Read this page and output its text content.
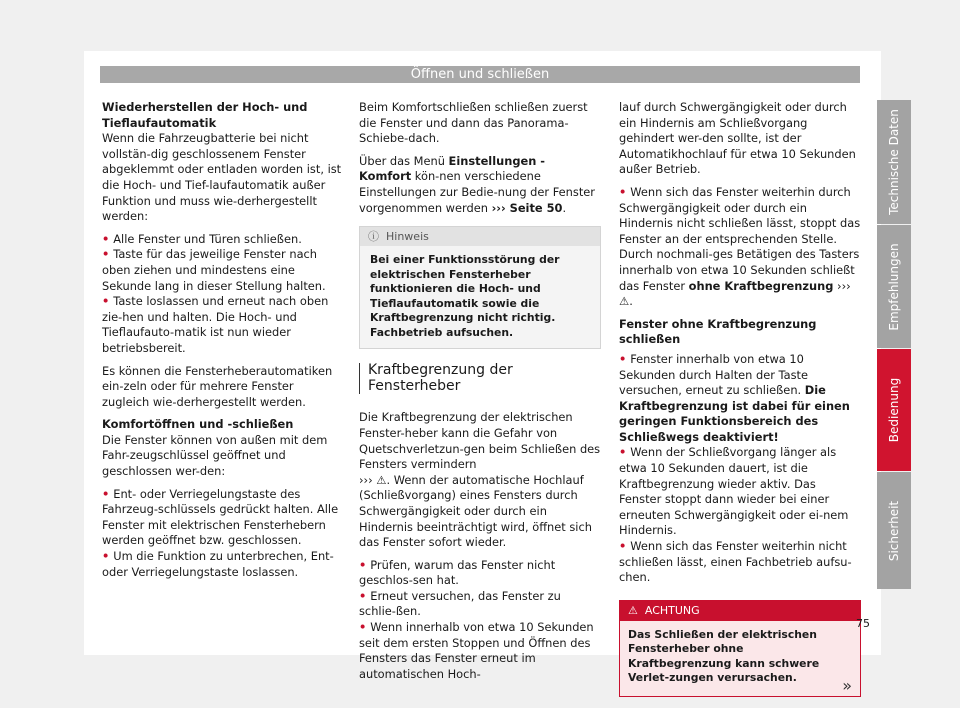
Öffnen und schließen

Wiederherstellen der Hoch- und Tieflaufautomatik

Wenn die Fahrzeugbatterie bei nicht vollstän-dig geschlossenem Fenster abgeklemmt oder entladen worden ist, ist die Hoch- und Tief-laufautomatik außer Funktion und muss wie-derhergestellt werden:

• Alle Fenster und Türen schließen.

• Taste für das jeweilige Fenster nach oben ziehen und mindestens eine Sekunde lang in dieser Stellung halten.

• Taste loslassen und erneut nach oben zie-hen und halten. Die Hoch- und Tieflaufauto-matik ist nun wieder betriebsbereit.

Es können die Fensterheberautomatiken ein-zeln oder für mehrere Fenster zugleich wie-derhergestellt werden.

Komfortöffnen und -schließen

Die Fenster können von außen mit dem Fahr-zeugschlüssel geöffnet und geschlossen wer-den:

• Ent- oder Verriegelungstaste des Fahrzeug-schlüssels gedrückt halten. Alle Fenster mit elektrischen Fensterhebern werden geöffnet bzw. geschlossen.

• Um die Funktion zu unterbrechen, Ent- oder Verriegelungstaste loslassen.

Beim Komfortschließen schließen zuerst die Fenster und dann das Panorama-Schiebe-dach.

Über das Menü Einstellungen - Komfort kön-nen verschiedene Einstellungen zur Bedie-nung der Fenster vorgenommen werden ››› Seite 50.

ⓘ Hinweis
Bei einer Funktionsstörung der elektrischen Fensterheber funktionieren die Hoch- und Tieflaufautomatik sowie die Kraftbegrenzung nicht richtig. Fachbetrieb aufsuchen.
Kraftbegrenzung der Fensterheber

Die Kraftbegrenzung der elektrischen Fenster-heber kann die Gefahr von Quetschverletzun-gen beim Schließen des Fensters vermindern

››› ⚠. Wenn der automatische Hochlauf (Schließvorgang) eines Fensters durch Schwergängigkeit oder durch ein Hindernis beeinträchtigt wird, öffnet sich das Fenster sofort wieder.

• Prüfen, warum das Fenster nicht geschlos-sen hat.

• Erneut versuchen, das Fenster zu schlie-ßen.

• Wenn innerhalb von etwa 10 Sekunden seit dem ersten Stoppen und Öffnen des Fensters das Fenster erneut im automatischen Hoch-

lauf durch Schwergängigkeit oder durch ein Hindernis am Schließvorgang gehindert wer-den sollte, ist der Automatikhochlauf für etwa 10 Sekunden außer Betrieb.

• Wenn sich das Fenster weiterhin durch Schwergängigkeit oder durch ein Hindernis nicht schließen lässt, stoppt das Fenster an der entsprechenden Stelle. Durch nochmali-ges Betätigen des Tasters innerhalb von etwa 10 Sekunden schließt das Fenster ohne Kraftbegrenzung ››› ⚠.

Fenster ohne Kraftbegrenzung schließen

• Fenster innerhalb von etwa 10 Sekunden durch Halten der Taste versuchen, erneut zu schließen. Die Kraftbegrenzung ist dabei für einen geringen Funktionsbereich des Schließwegs deaktiviert!

• Wenn der Schließvorgang länger als etwa 10 Sekunden dauert, ist die Kraftbegrenzung wieder aktiv. Das Fenster stoppt dann wieder bei einer erneuten Schwergängigkeit oder ei-nem Hindernis.

• Wenn sich das Fenster weiterhin nicht schließen lässt, einen Fachbetrieb aufsu-chen.

⚠ ACHTUNG
Das Schließen der elektrischen Fensterheber ohne Kraftbegrenzung kann schwere Verlet-zungen verursachen.	»
Technische Daten
Empfehlungen
Bedienung
Sicherheit
75
